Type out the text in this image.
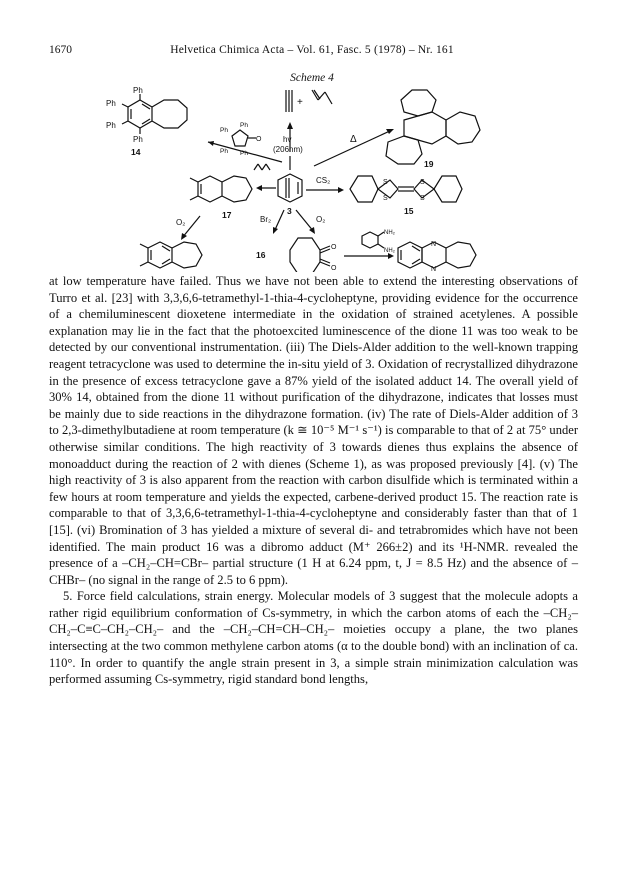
1670	Helvetica Chimica Acta – Vol. 61, Fasc. 5 (1978) – Nr. 161
Scheme 4
Ph
Ph
Ph
Ph
14
Ph
Ph
Ph Ph
O
+
hv
(206nm)
19
Δ
3
17
CS₂	S
S
S
S
15
O₂	Br₂	O₂
16
O
O
NH₂
NH₂
N
N

at low temperature have failed. Thus we have not been able to extend the interesting observations of Turro et al. [23] with 3,3,6,6-tetramethyl-1-thia-4-cycloheptyne, providing evidence for the occurrence of a chemiluminescent dioxetene intermediate in the oxidation of strained acetylenes. A possible explanation may lie in the fact that the photoexcited luminescence of the dione 11 was too weak to be detected by our conventional instrumentation. (iii) The Diels-Alder addition to the well-known trapping reagent tetracyclone was used to determine the in-situ yield of 3. Oxidation of recrystallized dihydrazone in the presence of excess tetracyclone gave a 87% yield of the isolated adduct 14. The overall yield of 30% 14, obtained from the dione 11 without purification of the dihydrazone, indicates that losses must be mainly due to side reactions in the dihydrazone formation. (iv) The rate of Diels-Alder addition of 3 to 2,3-dimethylbutadiene at room temperature (k ≅ 10⁻⁵ M⁻¹ s⁻¹) is comparable to that of 2 at 75° under otherwise similar conditions. The high reactivity of 3 towards dienes thus explains the absence of monoadduct during the reaction of 2 with dienes (Scheme 1), as was proposed previously [4]. (v) The high reactivity of 3 is also apparent from the reaction with carbon disulfide which is terminated within a few hours at room temperature and yields the expected, carbene-derived product 15. The reaction rate is comparable to that of 3,3,6,6-tetramethyl-1-thia-4-cycloheptyne and considerably faster than that of 1 [15]. (vi) Bromination of 3 has yielded a mixture of several di- and tetrabromides which have not been identified. The main product 16 was a dibromo adduct (M⁺ 266±2) and its ¹H-NMR. revealed the presence of a –CH₂–CH=CBr– partial structure (1 H at 6.24 ppm, t, J = 8.5 Hz) and the absence of –CHBr– (no signal in the range of 2.5 to 6 ppm).

5. Force field calculations, strain energy. Molecular models of 3 suggest that the molecule adopts a rather rigid equilibrium conformation of Cs-symmetry, in which the carbon atoms of each the –CH₂–CH₂–C≡C–CH₂–CH₂– and the –CH₂–CH=CH–CH₂– moieties occupy a plane, the two planes intersecting at the two common methylene carbon atoms (α to the double bond) with an inclination of ca. 110°. In order to quantify the angle strain present in 3, a simple strain minimization calculation was performed assuming Cs-symmetry, rigid standard bond lengths,
